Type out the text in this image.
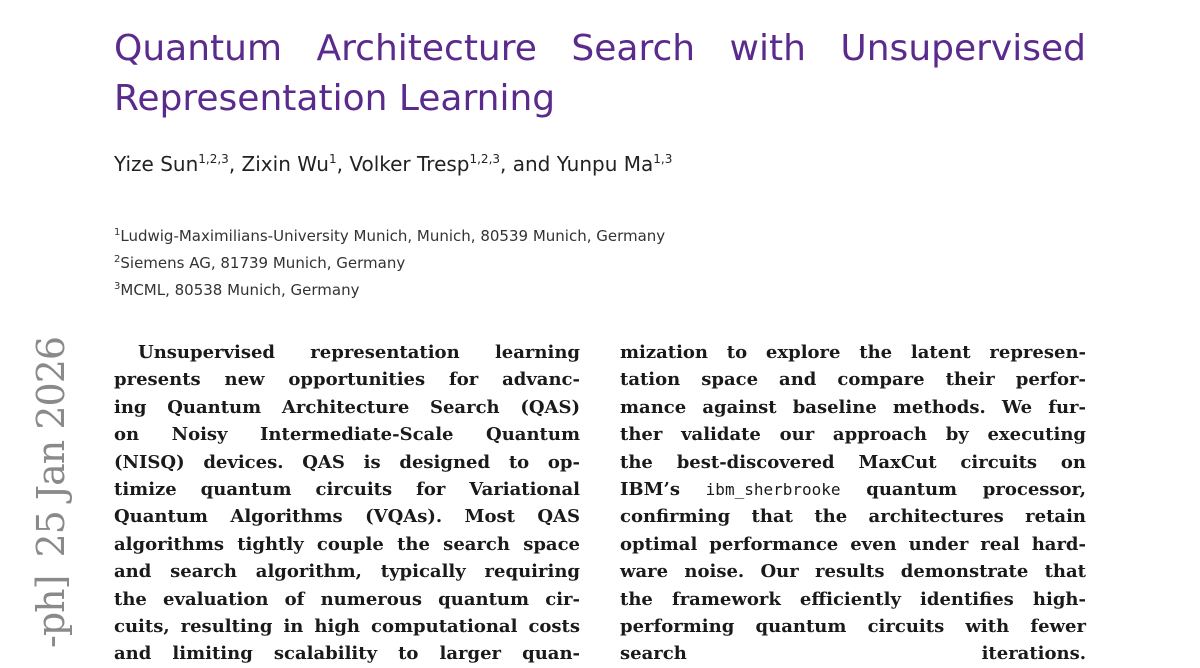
-ph]25 Jan 2026
Quantum Architecture Search with Unsupervised
Representation Learning
Yize Sun$^{1,2,3}$, Zixin Wu$^1$, Volker Tresp$^{1,2,3}$, and Yunpu Ma$^{1,3}$
$^1$Ludwig-Maximilians-University Munich, Munich, 80539 Munich, Germany
$^2$Siemens AG, 81739 Munich, Germany
$^3$MCML, 80538 Munich, Germany
Unsupervised representation learning
presents new opportunities for advanc-
ing Quantum Architecture Search (QAS)
on Noisy Intermediate-Scale Quantum
(NISQ) devices. QAS is designed to op-
timize quantum circuits for Variational
Quantum Algorithms (VQAs). Most QAS
algorithms tightly couple the search space
and search algorithm, typically requiring
the evaluation of numerous quantum cir-
cuits, resulting in high computational costs
and limiting scalability to larger quan-
mization to explore the latent represen-
tation space and compare their perfor-
mance against baseline methods. We fur-
ther validate our approach by executing
the best-discovered MaxCut circuits on
IBM’s ibm_sherbrooke quantum processor,
confirming that the architectures retain
optimal performance even under real hard-
ware noise. Our results demonstrate that
the framework efficiently identifies high-
performing quantum circuits with fewer
search iterations.
